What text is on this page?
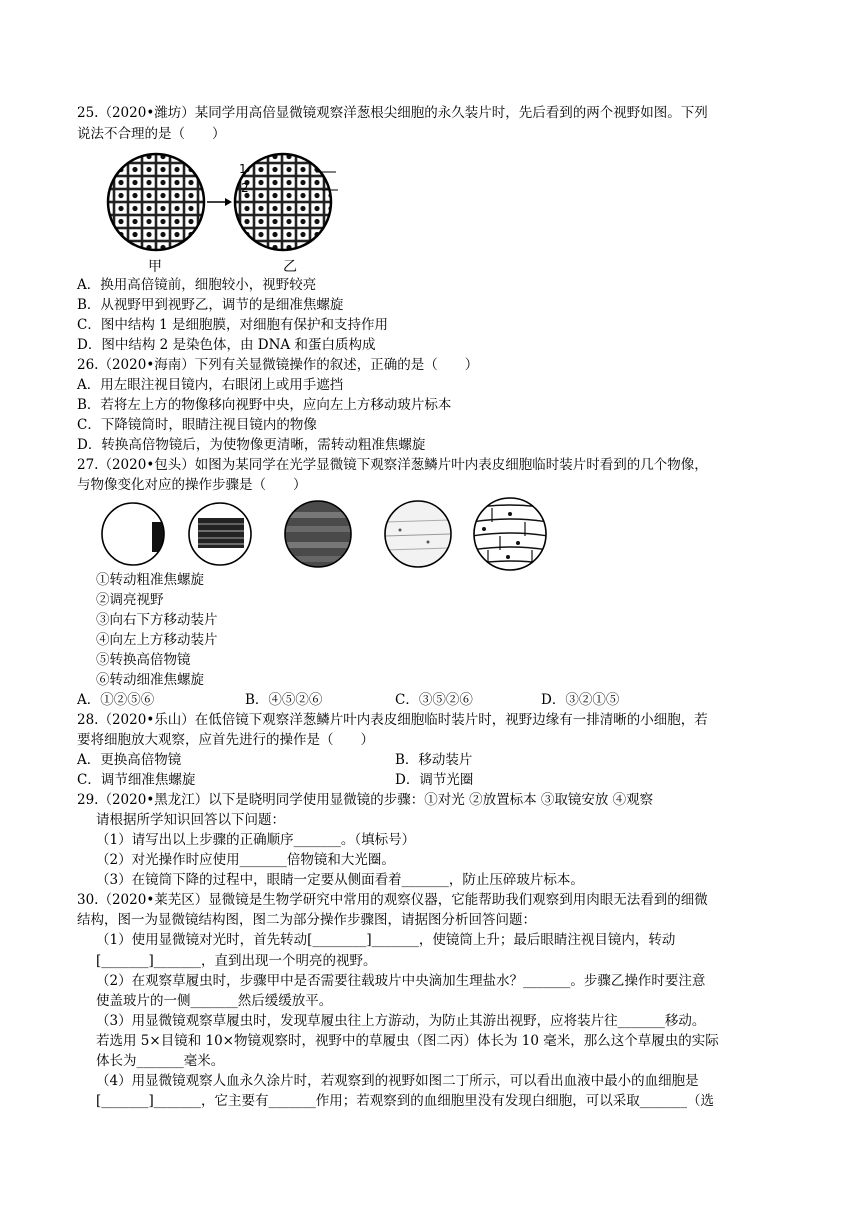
25.（2020•潍坊）某同学用高倍显微镜观察洋葱根尖细胞的永久装片时，先后看到的两个视野如图。下列
说法不合理的是（　　）
1
2
甲	乙
A．换用高倍镜前，细胞较小，视野较亮
B．从视野甲到视野乙，调节的是细准焦螺旋
C．图中结构 1 是细胞膜，对细胞有保护和支持作用
D．图中结构 2 是染色体，由 DNA 和蛋白质构成
26.（2020•海南）下列有关显微镜操作的叙述，正确的是（　　）
A．用左眼注视目镜内，右眼闭上或用手遮挡
B．若将左上方的物像移向视野中央，应向左上方移动玻片标本
C．下降镜筒时，眼睛注视目镜内的物像
D．转换高倍物镜后，为使物像更清晰，需转动粗准焦螺旋
27.（2020•包头）如图为某同学在光学显微镜下观察洋葱鳞片叶内表皮细胞临时装片时看到的几个物像，
与物像变化对应的操作步骤是（　　）
①转动粗准焦螺旋
②调亮视野
③向右下方移动装片
④向左上方移动装片
⑤转换高倍物镜
⑥转动细准焦螺旋
A．①②⑤⑥	B．④⑤②⑥	C．③⑤②⑥	D．③②①⑤
28.（2020•乐山）在低倍镜下观察洋葱鳞片叶内表皮细胞临时装片时，视野边缘有一排清晰的小细胞，若
要将细胞放大观察，应首先进行的操作是（　　）
A．更换高倍物镜	B．移动装片
C．调节细准焦螺旋	D．调节光圈
29.（2020•黑龙江）以下是晓明同学使用显微镜的步骤：①对光 ②放置标本 ③取镜安放 ④观察
请根据所学知识回答以下问题：
（1）请写出以上步骤的正确顺序_______。（填标号）
（2）对光操作时应使用_______倍物镜和大光圈。
（3）在镜筒下降的过程中，眼睛一定要从侧面看着_______，防止压碎玻片标本。
30.（2020•莱芜区）显微镜是生物学研究中常用的观察仪器，它能帮助我们观察到用肉眼无法看到的细微
结构，图一为显微镜结构图，图二为部分操作步骤图，请据图分析回答问题：
（1）使用显微镜对光时，首先转动[________]_______，使镜筒上升；最后眼睛注视目镜内，转动
[_______]_______，直到出现一个明亮的视野。
（2）在观察草履虫时，步骤甲中是否需要往载玻片中央滴加生理盐水？_______。步骤乙操作时要注意
使盖玻片的一侧_______然后缓缓放平。
（3）用显微镜观察草履虫时，发现草履虫往上方游动，为防止其游出视野，应将装片往_______移动。
若选用 5×目镜和 10×物镜观察时，视野中的草履虫（图二丙）体长为 10 毫米，那么这个草履虫的实际
体长为_______毫米。
（4）用显微镜观察人血永久涂片时，若观察到的视野如图二丁所示，可以看出血液中最小的血细胞是
[_______]_______，它主要有_______作用；若观察到的血细胞里没有发现白细胞，可以采取_______（选
